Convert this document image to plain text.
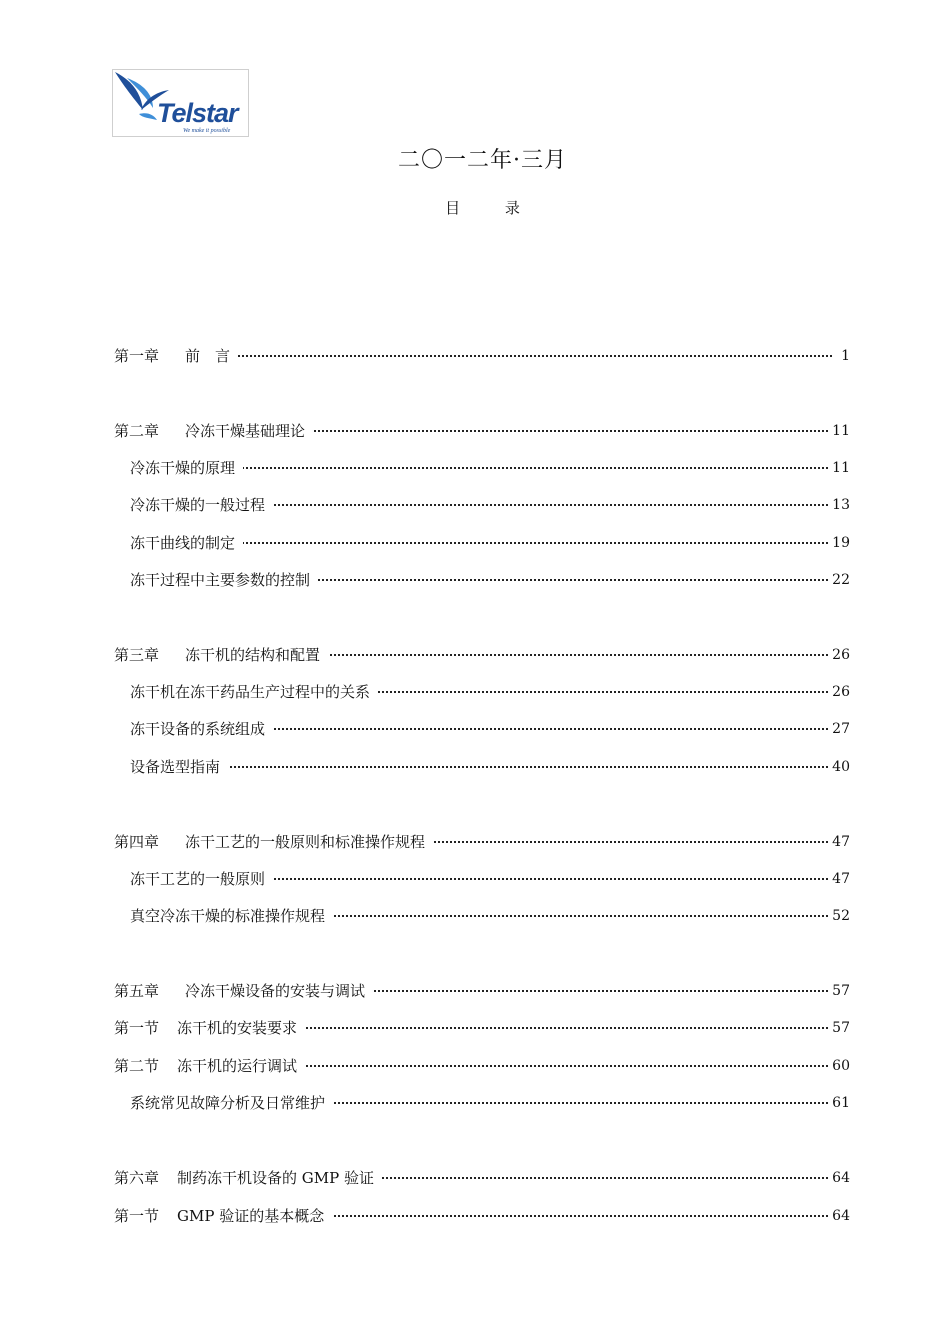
Telstar
We make it possible
二〇一二年·三月
目 录
第一章 前　言	1
第二章 冷冻干燥基础理论	11
冷冻干燥的原理	11
冷冻干燥的一般过程	13
冻干曲线的制定	19
冻干过程中主要参数的控制	22
第三章 冻干机的结构和配置	26
冻干机在冻干药品生产过程中的关系	26
冻干设备的系统组成	27
设备选型指南	40
第四章 冻干工艺的一般原则和标准操作规程	47
冻干工艺的一般原则	47
真空冷冻干燥的标准操作规程	52
第五章 冷冻干燥设备的安装与调试	57
第一节 冻干机的安装要求	57
第二节 冻干机的运行调试	60
系统常见故障分析及日常维护	61
第六章 制药冻干机设备的 GMP 验证	64
第一节 GMP 验证的基本概念	64
